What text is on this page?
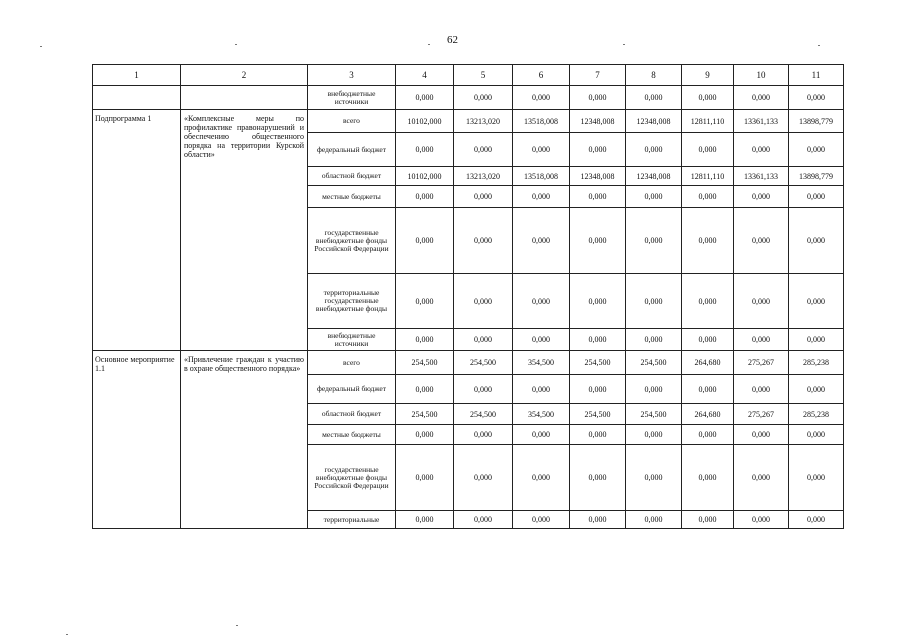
62
1	2	3	4	5	6	7	8	9	10	11
		внебюджетные источники	0,000	0,000	0,000	0,000	0,000	0,000	0,000	0,000
Подпрограмма 1	«Комплексные меры по профилактике правонарушений и обеспечению общественного порядка на территории Курской области»	всего	10102,000	13213,020	13518,008	12348,008	12348,008	12811,110	13361,133	13898,779
		федеральный бюджет	0,000	0,000	0,000	0,000	0,000	0,000	0,000	0,000
		областной бюджет	10102,000	13213,020	13518,008	12348,008	12348,008	12811,110	13361,133	13898,779
		местные бюджеты	0,000	0,000	0,000	0,000	0,000	0,000	0,000	0,000
		государственные внебюджетные фонды Российской Федерации	0,000	0,000	0,000	0,000	0,000	0,000	0,000	0,000
		территориальные государственные внебюджетные фонды	0,000	0,000	0,000	0,000	0,000	0,000	0,000	0,000
		внебюджетные источники	0,000	0,000	0,000	0,000	0,000	0,000	0,000	0,000
Основное мероприятие 1.1	«Привлечение граждан к участию в охране общественного порядка»	всего	254,500	254,500	354,500	254,500	254,500	264,680	275,267	285,238
		федеральный бюджет	0,000	0,000	0,000	0,000	0,000	0,000	0,000	0,000
		областной бюджет	254,500	254,500	354,500	254,500	254,500	264,680	275,267	285,238
		местные бюджеты	0,000	0,000	0,000	0,000	0,000	0,000	0,000	0,000
		государственные внебюджетные фонды Российской Федерации	0,000	0,000	0,000	0,000	0,000	0,000	0,000	0,000
		территориальные	0,000	0,000	0,000	0,000	0,000	0,000	0,000	0,000
